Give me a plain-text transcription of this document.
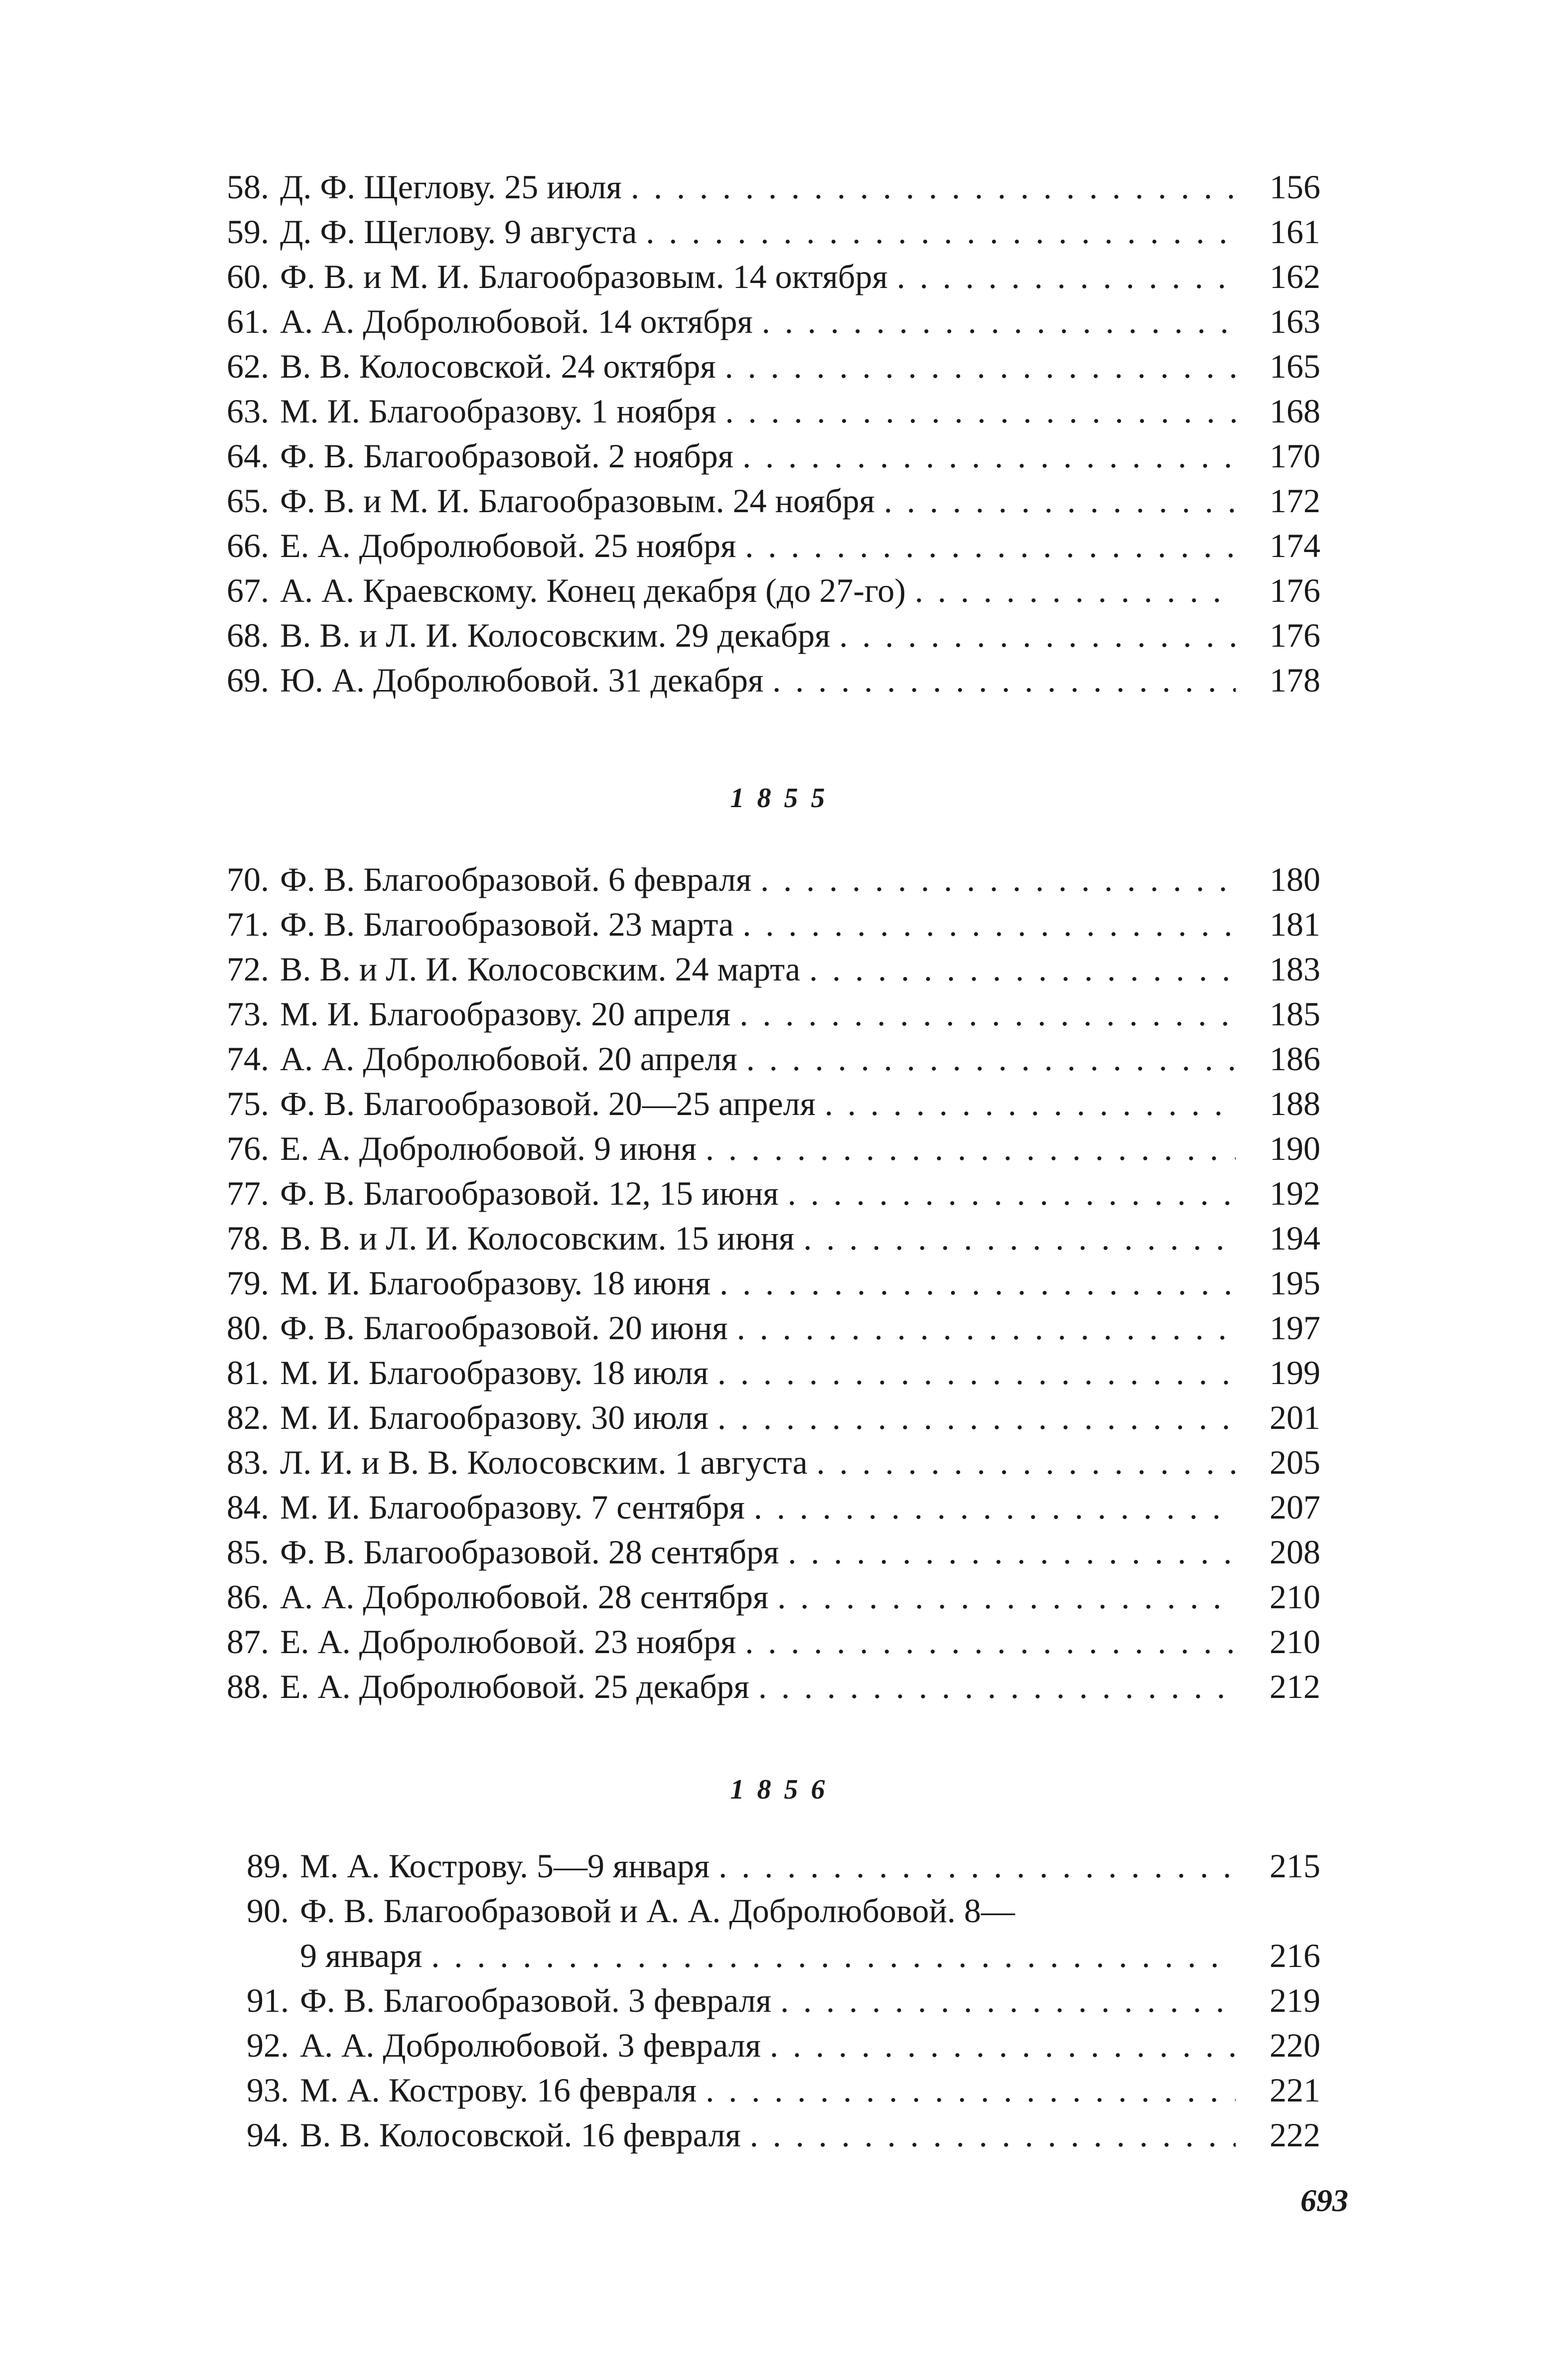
58. Д. Ф. Щеглову. 25 июля . . .	156
59. Д. Ф. Щеглову. 9 августа . . .	161
60. Ф. В. и М. И. Благообразовым. 14 октября . . .	162
61. А. А. Добролюбовой. 14 октября . . .	163
62. В. В. Колосовской. 24 октября . . .	165
63. М. И. Благообразову. 1 ноября . . .	168
64. Ф. В. Благообразовой. 2 ноября . . .	170
65. Ф. В. и М. И. Благообразовым. 24 ноября . . .	172
66. Е. А. Добролюбовой. 25 ноября . . .	174
67. А. А. Краевскому. Конец декабря (до 27-го) . . .	176
68. В. В. и Л. И. Колосовским. 29 декабря . . .	176
69. Ю. А. Добролюбовой. 31 декабря . . .	178
1855
70. Ф. В. Благообразовой. 6 февраля . . .	180
71. Ф. В. Благообразовой. 23 марта . . .	181
72. В. В. и Л. И. Колосовским. 24 марта . . .	183
73. М. И. Благообразову. 20 апреля . . .	185
74. А. А. Добролюбовой. 20 апреля . . .	186
75. Ф. В. Благообразовой. 20—25 апреля . . .	188
76. Е. А. Добролюбовой. 9 июня . . .	190
77. Ф. В. Благообразовой. 12, 15 июня . . .	192
78. В. В. и Л. И. Колосовским. 15 июня . . .	194
79. М. И. Благообразову. 18 июня . . .	195
80. Ф. В. Благообразовой. 20 июня . . .	197
81. М. И. Благообразову. 18 июля . . .	199
82. М. И. Благообразову. 30 июля . . .	201
83. Л. И. и В. В. Колосовским. 1 августа . . .	205
84. М. И. Благообразову. 7 сентября . . .	207
85. Ф. В. Благообразовой. 28 сентября . . .	208
86. А. А. Добролюбовой. 28 сентября . . .	210
87. Е. А. Добролюбовой. 23 ноября . . .	210
88. Е. А. Добролюбовой. 25 декабря . . .	212
1856
89. М. А. Кострову. 5—9 января . . .	215
90. Ф. В. Благообразовой и А. А. Добролюбовой. 8—
9 января . . .	216
91. Ф. В. Благообразовой. 3 февраля . . .	219
92. А. А. Добролюбовой. 3 февраля . . .	220
93. М. А. Кострову. 16 февраля . . .	221
94. В. В. Колосовской. 16 февраля . . .	222
693
